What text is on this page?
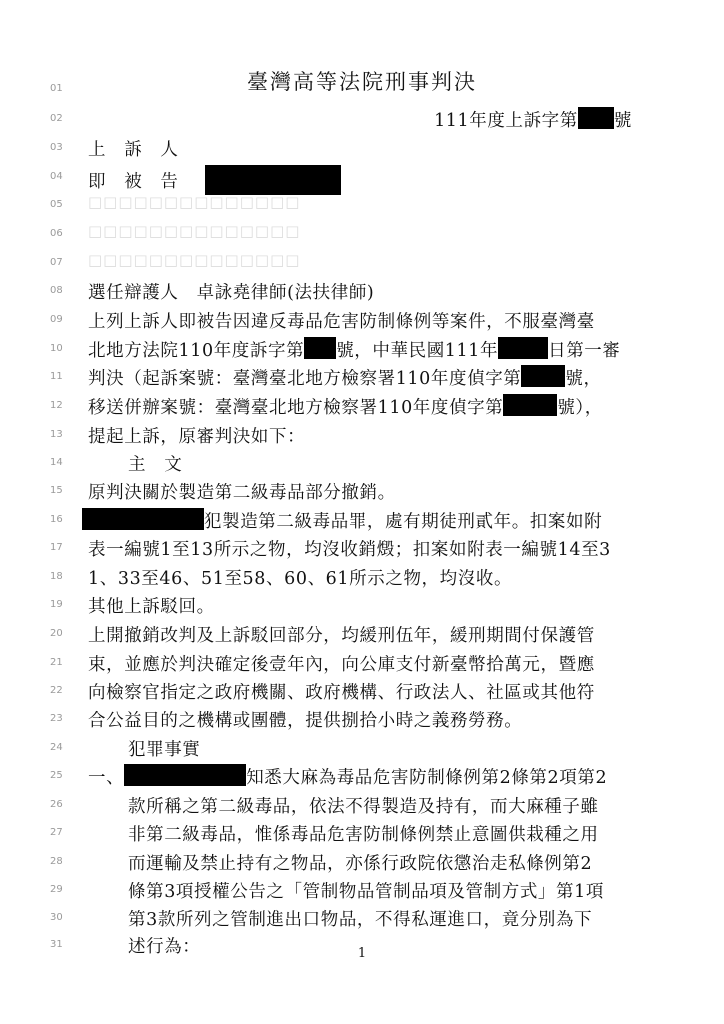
臺灣高等法院刑事判決
01
02	111年度上訴字第 號
03	上　訴　人
04	即　被　告
05	□□□□□□□□□□□□□□
06	□□□□□□□□□□□□□□
07	□□□□□□□□□□□□□□
08	選任辯護人　卓詠堯律師(法扶律師)
09	上列上訴人即被告因違反毒品危害防制條例等案件，不服臺灣臺
10	北地方法院110年度訴字第 號，中華民國111年	日第一審
11	判決（起訴案號：臺灣臺北地方檢察署110年度偵字第	號，
12	移送併辦案號：臺灣臺北地方檢察署110年度偵字第	號），
13	提起上訴，原審判決如下：
14	主　文
15	原判決關於製造第二級毒品部分撤銷。
16	犯製造第二級毒品罪，處有期徒刑貳年。扣案如附
17	表一編號1至13所示之物，均沒收銷燬；扣案如附表一編號14至3
18	1、33至46、51至58、60、61所示之物，均沒收。
19	其他上訴駁回。
20	上開撤銷改判及上訴駁回部分，均緩刑伍年，緩刑期間付保護管
21	束，並應於判決確定後壹年內，向公庫支付新臺幣拾萬元，暨應
22	向檢察官指定之政府機關、政府機構、行政法人、社區或其他符
23	合公益目的之機構或團體，提供捌拾小時之義務勞務。
24	犯罪事實
25	一、	知悉大麻為毒品危害防制條例第2條第2項第2
26	款所稱之第二級毒品，依法不得製造及持有，而大麻種子雖
27	非第二級毒品，惟係毒品危害防制條例禁止意圖供栽種之用
28	而運輸及禁止持有之物品，亦係行政院依懲治走私條例第2
29	條第3項授權公告之「管制物品管制品項及管制方式」第1項
30	第3款所列之管制進出口物品，不得私運進口，竟分別為下
31	述行為：	1
